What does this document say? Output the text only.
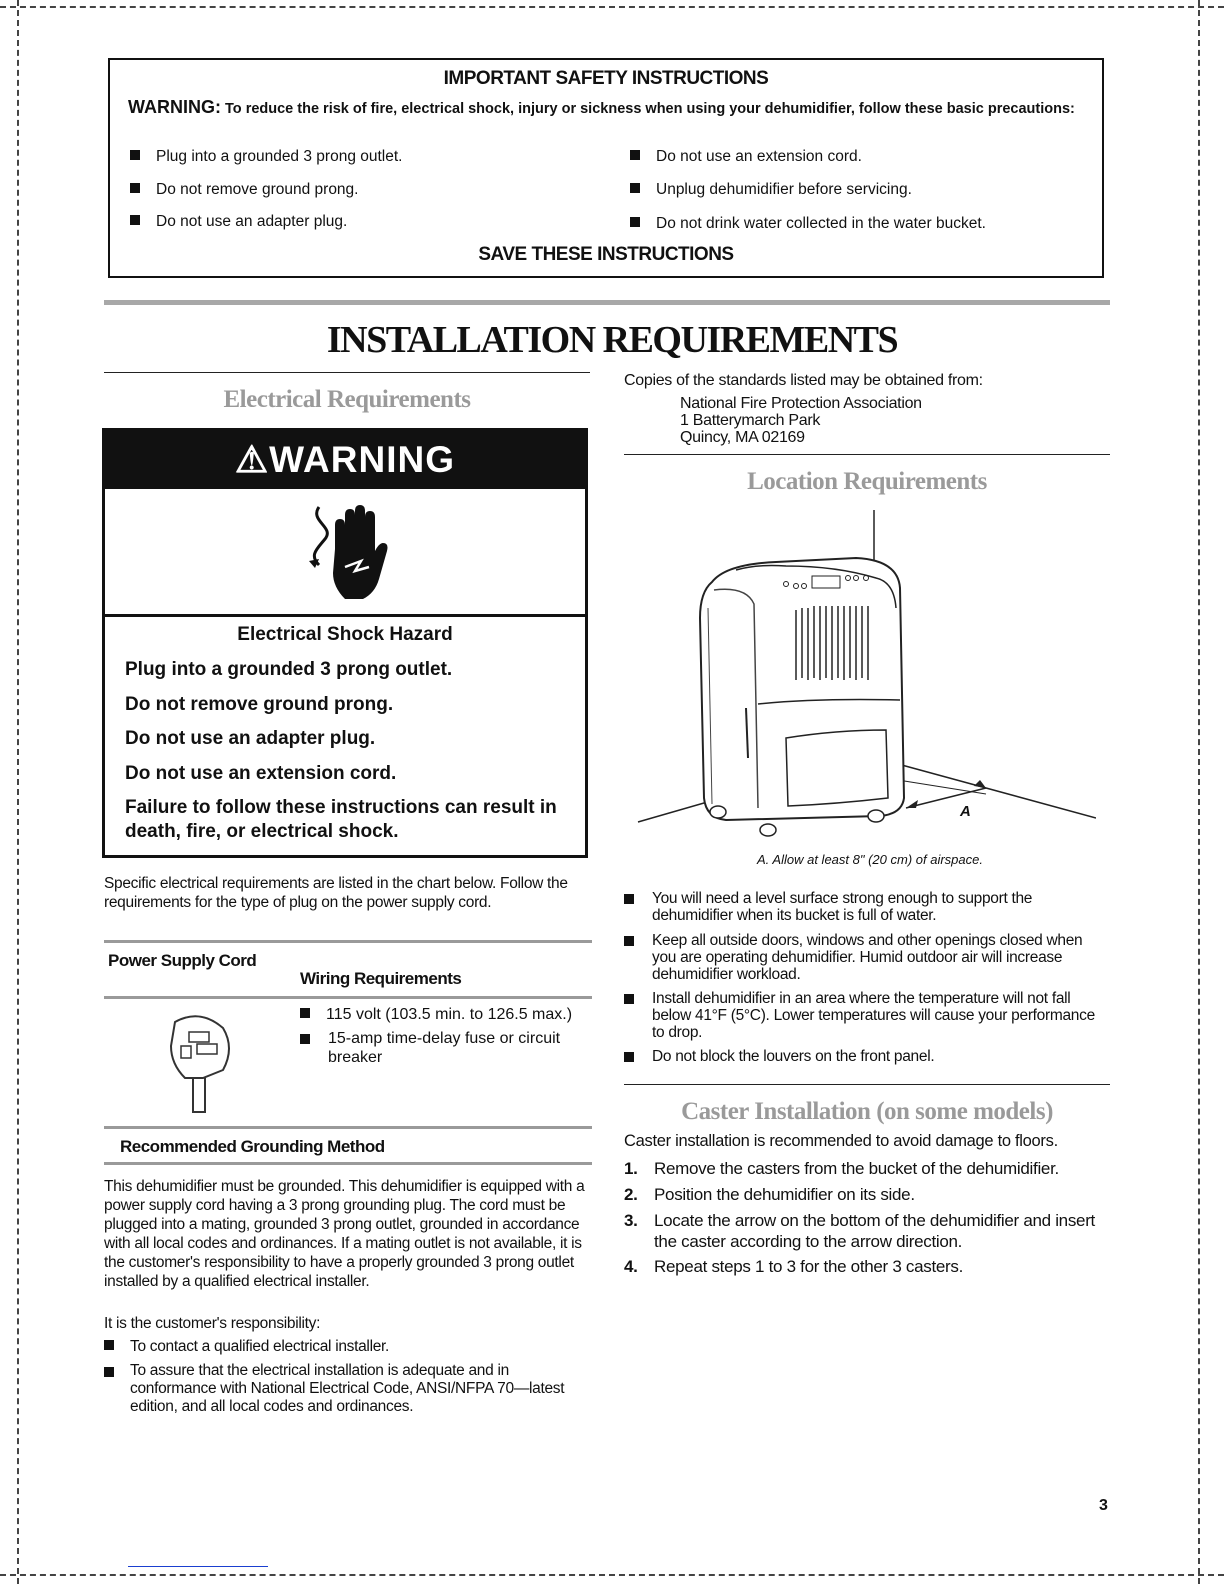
IMPORTANT SAFETY INSTRUCTIONS
WARNING: To reduce the risk of fire, electrical shock, injury or sickness when using your dehumidifier, follow these basic precautions:
Plug into a grounded 3 prong outlet.
Do not remove ground prong.
Do not use an adapter plug.
Do not use an extension cord.
Unplug dehumidifier before servicing.
Do not drink water collected in the water bucket.
SAVE THESE INSTRUCTIONS
INSTALLATION REQUIREMENTS
Electrical Requirements
⚠WARNING
Electrical Shock Hazard
Plug into a grounded 3 prong outlet.
Do not remove ground prong.
Do not use an adapter plug.
Do not use an extension cord.
Failure to follow these instructions can result in death, fire, or electrical shock.
Specific electrical requirements are listed in the chart below. Follow the requirements for the type of plug on the power supply cord.
Power Supply Cord
Wiring Requirements
115 volt (103.5 min. to 126.5 max.)
15-amp time-delay fuse or circuit breaker
Recommended Grounding Method
This dehumidifier must be grounded. This dehumidifier is equipped with a power supply cord having a 3 prong grounding plug. The cord must be plugged into a mating, grounded 3 prong outlet, grounded in accordance with all local codes and ordinances. If a mating outlet is not available, it is the customer's responsibility to have a properly grounded 3 prong outlet installed by a qualified electrical installer.
It is the customer's responsibility:
To contact a qualified electrical installer.
To assure that the electrical installation is adequate and in conformance with National Electrical Code, ANSI/NFPA 70—latest edition, and all local codes and ordinances.
Copies of the standards listed may be obtained from:
National Fire Protection Association
1 Batterymarch Park
Quincy, MA 02169
Location Requirements
A
A. Allow at least 8" (20 cm) of airspace.
You will need a level surface strong enough to support the dehumidifier when its bucket is full of water.
Keep all outside doors, windows and other openings closed when you are operating dehumidifier. Humid outdoor air will increase dehumidifier workload.
Install dehumidifier in an area where the temperature will not fall below 41°F (5°C). Lower temperatures will cause your performance to drop.
Do not block the louvers on the front panel.
Caster Installation (on some models)
Caster installation is recommended to avoid damage to floors.
1. Remove the casters from the bucket of the dehumidifier.
2. Position the dehumidifier on its side.
3. Locate the arrow on the bottom of the dehumidifier and insert the caster according to the arrow direction.
4. Repeat steps 1 to 3 for the other 3 casters.
3
